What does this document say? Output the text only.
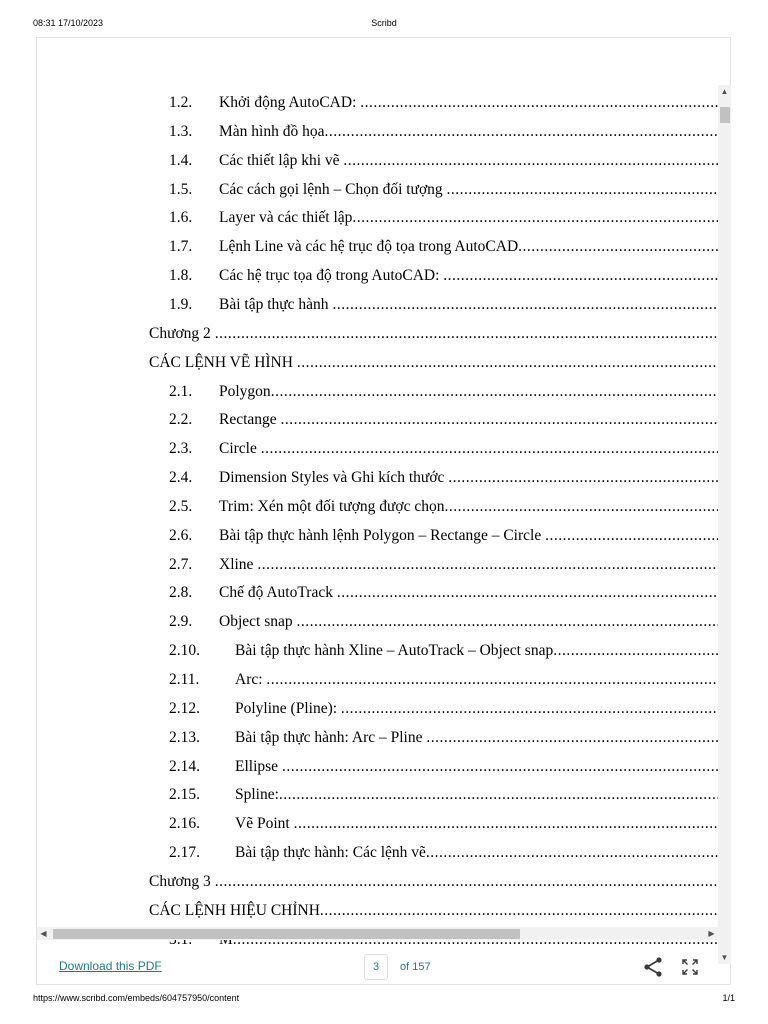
08:31 17/10/2023	Scribd
1.2. Khởi động AutoCAD: .....
1.3. Màn hình đồ họa .....
1.4. Các thiết lập khi vẽ .....
1.5. Các cách gọi lệnh – Chọn đối tượng .....
1.6. Layer và các thiết lập .....
1.7. Lệnh Line và các hệ trục độ tọa trong AutoCAD .....
1.8. Các hệ trục tọa độ trong AutoCAD: .....
1.9. Bài tập thực hành .....
Chương 2 .....
CÁC LỆNH VẼ HÌNH .....
2.1. Polygon .....
2.2. Rectange .....
2.3. Circle .....
2.4. Dimension Styles và Ghi kích thước .....
2.5. Trim: Xén một đối tượng được chọn .....
2.6. Bài tập thực hành lệnh Polygon – Rectange – Circle .....
2.7. Xline .....
2.8. Chế độ AutoTrack .....
2.9. Object snap .....
2.10. Bài tập thực hành Xline – AutoTrack – Object snap .....
2.11. Arc: .....
2.12. Polyline (Pline): .....
2.13. Bài tập thực hành: Arc – Pline .....
2.14. Ellipse .....
2.15. Spline: .....
2.16. Vẽ Point .....
2.17. Bài tập thực hành: Các lệnh vẽ .....
Chương 3 .....
CÁC LỆNH HIỆU CHỈNH .....
.....
▲
▼
◀	▶
Download this PDF	3	of 157
https://www.scribd.com/embeds/604757950/content	1/1
